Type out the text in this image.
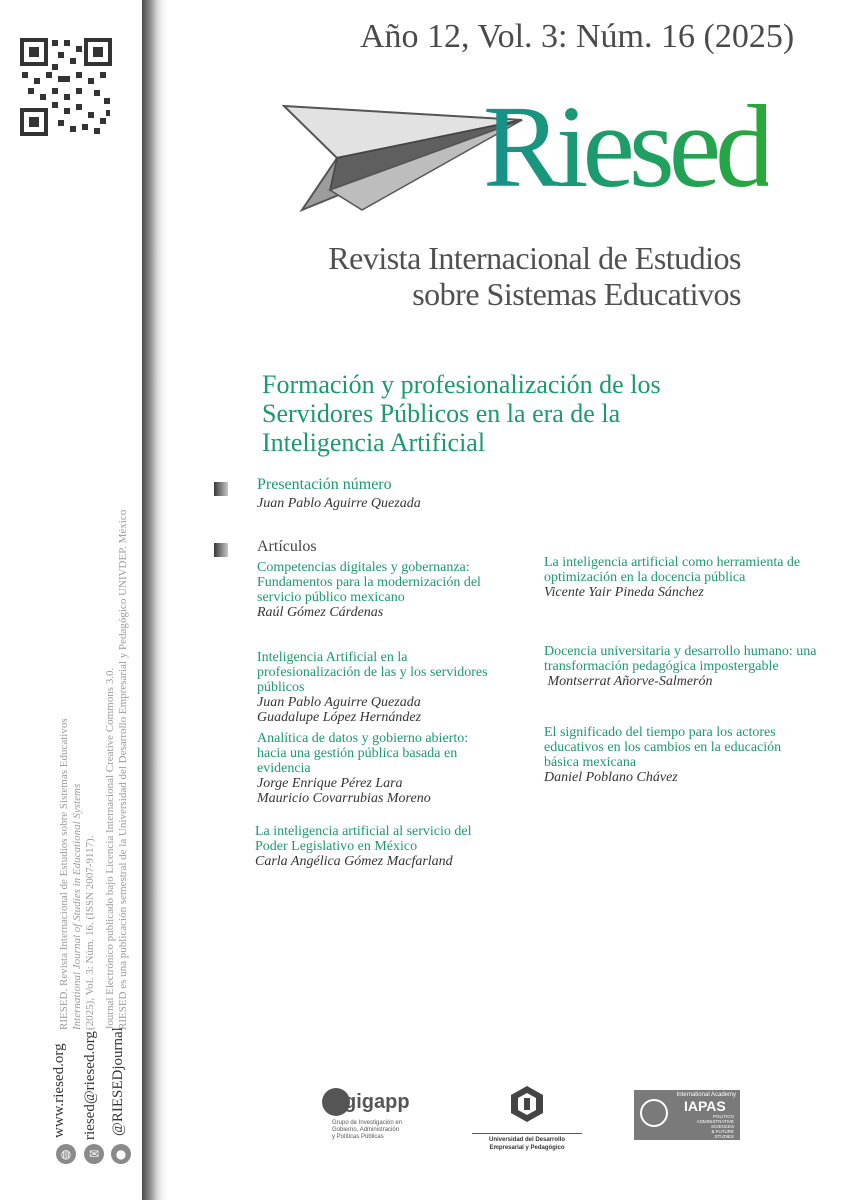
RIESED. Revista Internacional de Estudios sobre Sistemas Educativos International Journal of Studies in Educational Systems (2025), Vol. 3: Núm. 16. (ISSN 2007-9117). Journal Electrónico publicado bajo Licencia Internacional Creative Commons 3.0. RIESED es una publicación semestral de la Universidad del Desarrollo Empresarial y Pedagógico UNIVDEP. México
www.riesed.org riesed@riesed.org @RIESEDjournal
◍	✉	●
Año 12, Vol. 3: Núm. 16 (2025)
Riesed
Revista Internacional de Estudios
sobre Sistemas Educativos
Formación y profesionalización de los
Servidores Públicos en la era de la
Inteligencia Artificial
Presentación número
Juan Pablo Aguirre Quezada
Artículos
Competencias digitales y gobernanza: Fundamentos para la modernización del servicio público mexicano
Raúl Gómez Cárdenas
Inteligencia Artificial en la profesionalización de las y los servidores públicos
Juan Pablo Aguirre Quezada
Guadalupe López Hernández
Analítica de datos y gobierno abierto: hacia una gestión pública basada en evidencia
Jorge Enrique Pérez Lara
Mauricio Covarrubias Moreno
La inteligencia artificial al servicio del Poder Legislativo en México
Carla Angélica Gómez Macfarland
La inteligencia artificial como herramienta de optimización en la docencia pública
Vicente Yair Pineda Sánchez
Docencia universitaria y desarrollo humano: una transformación pedagógica impostergable
Montserrat Añorve-Salmerón
El significado del tiempo para los actores educativos en los cambios en la educación básica mexicana
Daniel Poblano Chávez
gigapp
Grupo de Investigación en
Gobierno, Administración
y Políticas Públicas	Universidad del Desarrollo
Empresarial y Pedagógico
International Academy
IAPAS
POLITICO
ADMINISTRATIVE
SCIENCES
& FUTURE
STUDIES
